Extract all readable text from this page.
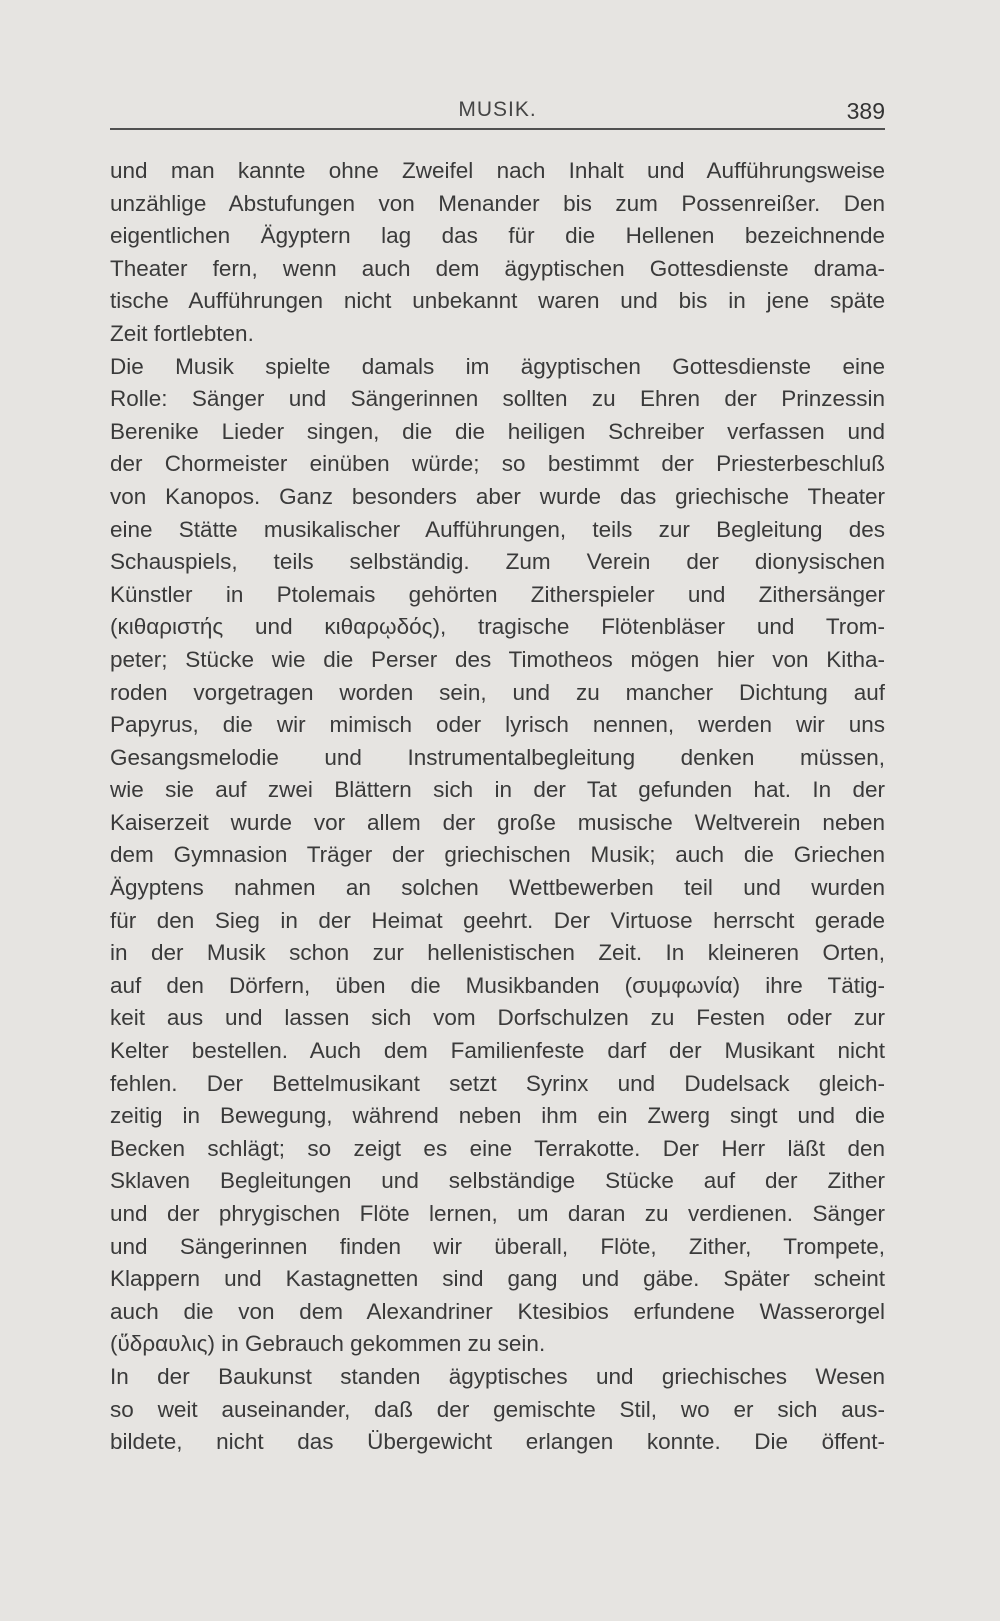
MUSIK.	389
und man kannte ohne Zweifel nach Inhalt und Aufführungsweise
unzählige Abstufungen von Menander bis zum Possenreißer. Den
eigentlichen Ägyptern lag das für die Hellenen bezeichnende
Theater fern, wenn auch dem ägyptischen Gottesdienste drama-
tische Aufführungen nicht unbekannt waren und bis in jene späte
Zeit fortlebten.
Die Musik spielte damals im ägyptischen Gottesdienste eine
Rolle: Sänger und Sängerinnen sollten zu Ehren der Prinzessin
Berenike Lieder singen, die die heiligen Schreiber verfassen und
der Chormeister einüben würde; so bestimmt der Priesterbeschluß
von Kanopos. Ganz besonders aber wurde das griechische Theater
eine Stätte musikalischer Aufführungen, teils zur Begleitung des
Schauspiels, teils selbständig. Zum Verein der dionysischen
Künstler in Ptolemais gehörten Zitherspieler und Zithersänger
(κιθαριστής und κιθαρῳδός), tragische Flötenbläser und Trom-
peter; Stücke wie die Perser des Timotheos mögen hier von Kitha-
roden vorgetragen worden sein, und zu mancher Dichtung auf
Papyrus, die wir mimisch oder lyrisch nennen, werden wir uns
Gesangsmelodie und Instrumentalbegleitung denken müssen,
wie sie auf zwei Blättern sich in der Tat gefunden hat. In der
Kaiserzeit wurde vor allem der große musische Weltverein neben
dem Gymnasion Träger der griechischen Musik; auch die Griechen
Ägyptens nahmen an solchen Wettbewerben teil und wurden
für den Sieg in der Heimat geehrt. Der Virtuose herrscht gerade
in der Musik schon zur hellenistischen Zeit. In kleineren Orten,
auf den Dörfern, üben die Musikbanden (συμφωνία) ihre Tätig-
keit aus und lassen sich vom Dorfschulzen zu Festen oder zur
Kelter bestellen. Auch dem Familienfeste darf der Musikant nicht
fehlen. Der Bettelmusikant setzt Syrinx und Dudelsack gleich-
zeitig in Bewegung, während neben ihm ein Zwerg singt und die
Becken schlägt; so zeigt es eine Terrakotte. Der Herr läßt den
Sklaven Begleitungen und selbständige Stücke auf der Zither
und der phrygischen Flöte lernen, um daran zu verdienen. Sänger
und Sängerinnen finden wir überall, Flöte, Zither, Trompete,
Klappern und Kastagnetten sind gang und gäbe. Später scheint
auch die von dem Alexandriner Ktesibios erfundene Wasserorgel
(ὕδραυλις) in Gebrauch gekommen zu sein.
In der Baukunst standen ägyptisches und griechisches Wesen
so weit auseinander, daß der gemischte Stil, wo er sich aus-
bildete, nicht das Übergewicht erlangen konnte. Die öffent-
